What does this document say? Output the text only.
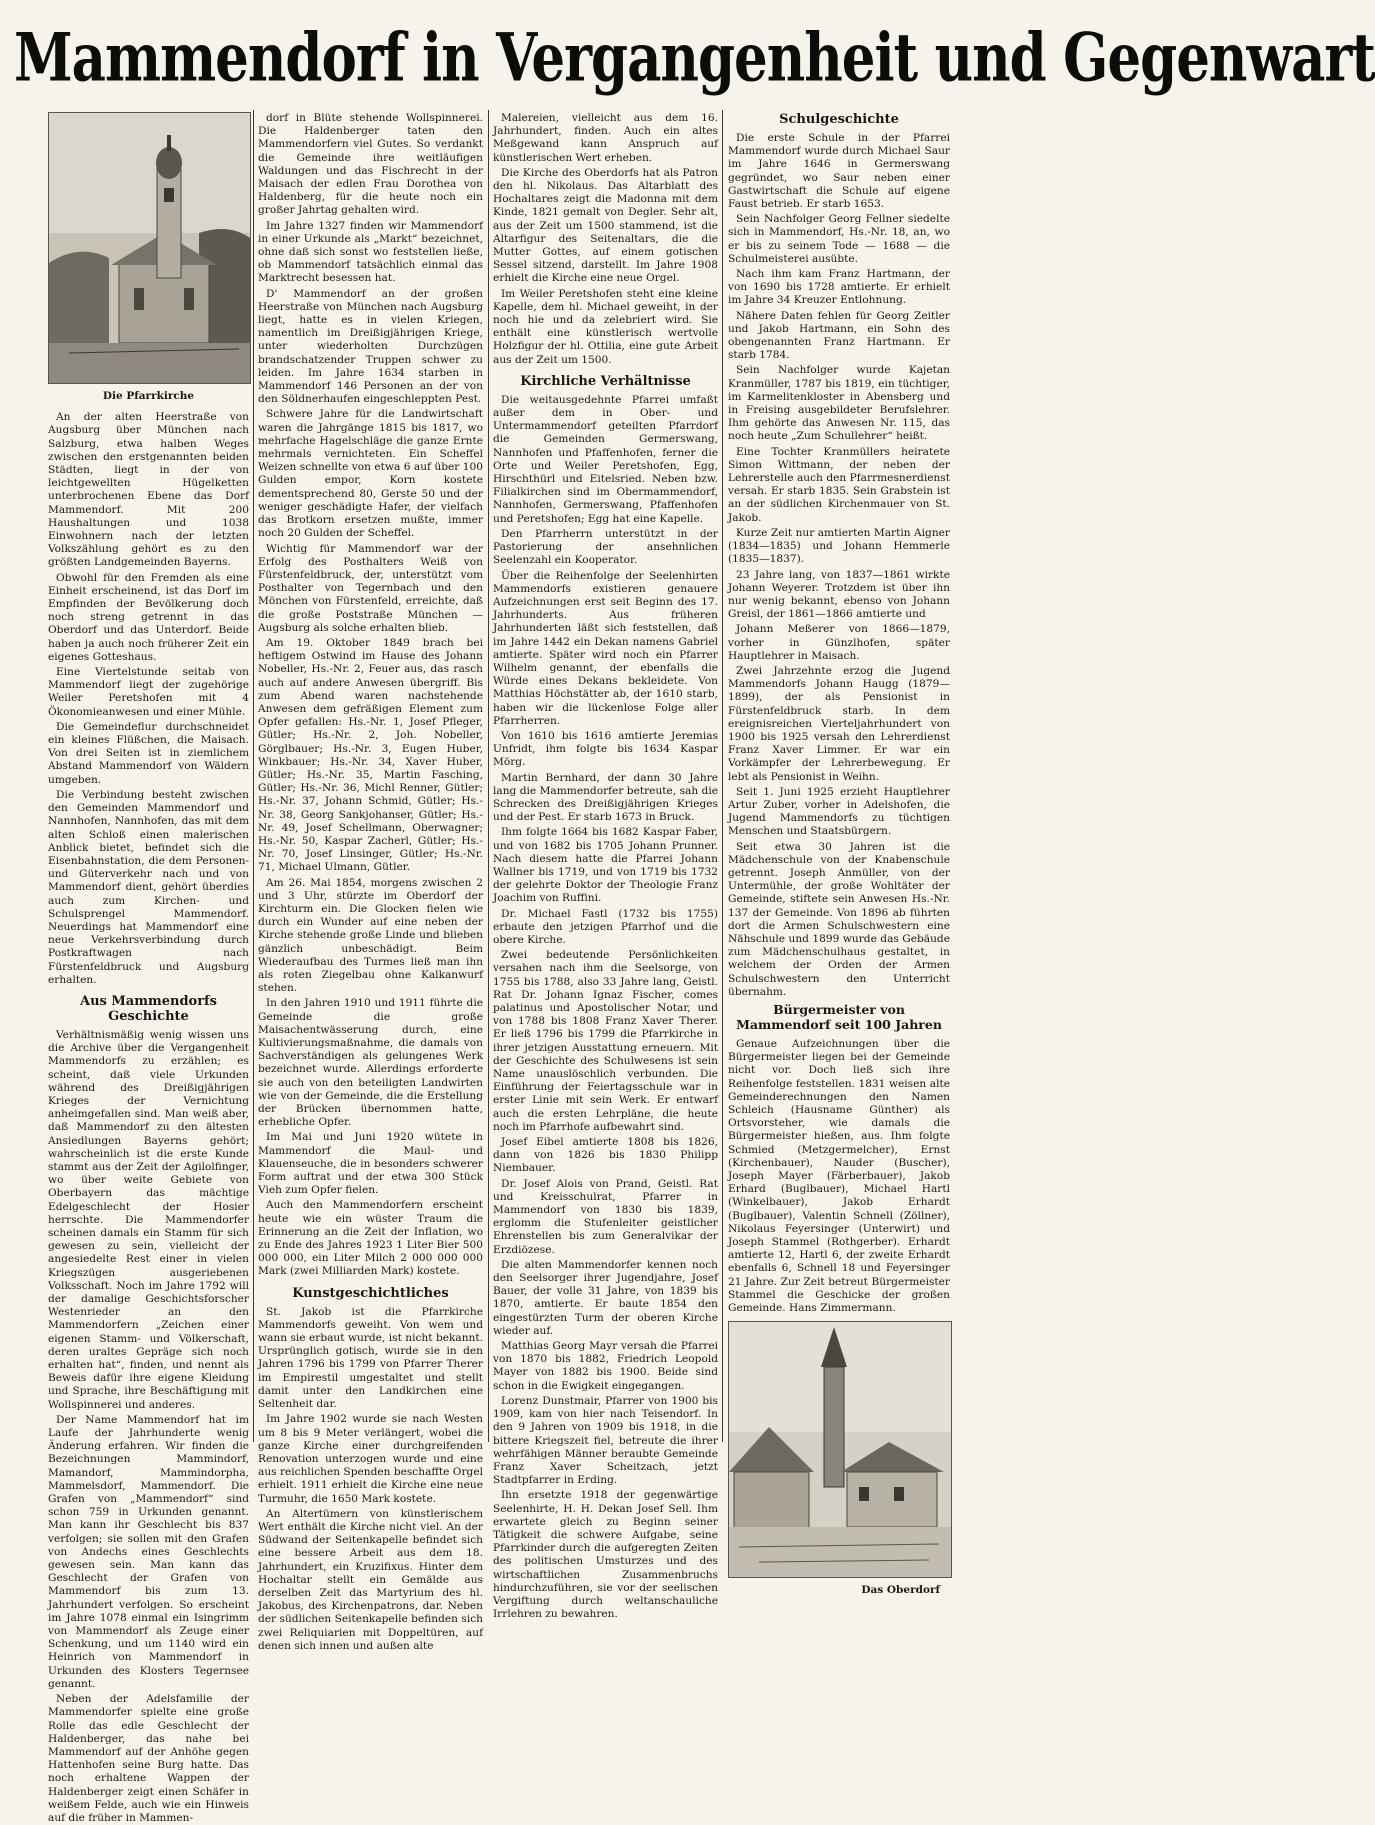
Mammendorf in Vergangenheit und Gegenwart
Die Pfarrkirche

An der alten Heerstraße von Augsburg über München nach Salzburg, etwa halben Weges zwischen den erstgenannten beiden Städten, liegt in der von leichtgewellten Hügelketten unterbrochenen Ebene das Dorf Mammendorf. Mit 200 Haushaltungen und 1038 Einwohnern nach der letzten Volkszählung gehört es zu den größten Landgemeinden Bayerns.

Obwohl für den Fremden als eine Einheit erscheinend, ist das Dorf im Empfinden der Bevölkerung doch noch streng getrennt in das Oberdorf und das Unterdorf. Beide haben ja auch noch früherer Zeit ein eigenes Gotteshaus.

Eine Viertelstunde seitab von Mammendorf liegt der zugehörige Weiler Peretshofen mit 4 Ökonomieanwesen und einer Mühle.

Die Gemeindeflur durchschneidet ein kleines Flüßchen, die Maisach. Von drei Seiten ist in ziemlichem Abstand Mammendorf von Wäldern umgeben.

Die Verbindung besteht zwischen den Gemeinden Mammendorf und Nannhofen, Nannhofen, das mit dem alten Schloß einen malerischen Anblick bietet, befindet sich die Eisenbahnstation, die dem Personen- und Güterverkehr nach und von Mammendorf dient, gehört überdies auch zum Kirchen- und Schulsprengel Mammendorf. Neuerdings hat Mammendorf eine neue Verkehrsverbindung durch Postkraftwagen nach Fürstenfeldbruck und Augsburg erhalten.

Aus Mammendorfs Geschichte

Verhältnismäßig wenig wissen uns die Archive über die Vergangenheit Mammendorfs zu erzählen; es scheint, daß viele Urkunden während des Dreißigjährigen Krieges der Vernichtung anheimgefallen sind. Man weiß aber, daß Mammendorf zu den ältesten Ansiedlungen Bayerns gehört; wahrscheinlich ist die erste Kunde stammt aus der Zeit der Agilolfinger, wo über weite Gebiete von Oberbayern das mächtige Edelgeschlecht der Hosier herrschte. Die Mammendorfer scheinen damals ein Stamm für sich gewesen zu sein, vielleicht der angesiedelte Rest einer in vielen Kriegszügen ausgeriebenen Volksschaft. Noch im Jahre 1792 will der damalige Geschichtsforscher Westenrieder an den Mammendorfern „Zeichen einer eigenen Stamm- und Völkerschaft, deren uraltes Gepräge sich noch erhalten hat“, finden, und nennt als Beweis dafür ihre eigene Kleidung und Sprache, ihre Beschäftigung mit Wollspinnerei und anderes.

Der Name Mammendorf hat im Laufe der Jahrhunderte wenig Änderung erfahren. Wir finden die Bezeichnungen Mammindorf, Mamandorf, Mammindorpha, Mammelsdorf, Mammendorf. Die Grafen von „Mammendorf“ sind schon 759 in Urkunden genannt. Man kann ihr Geschlecht bis 837 verfolgen; sie sollen mit den Grafen von Andechs eines Geschlechts gewesen sein. Man kann das Geschlecht der Grafen von Mammendorf bis zum 13. Jahrhundert verfolgen. So erscheint im Jahre 1078 einmal ein Isingrimm von Mammendorf als Zeuge einer Schenkung, und um 1140 wird ein Heinrich von Mammendorf in Urkunden des Klosters Tegernsee genannt.

Neben der Adelsfamilie der Mammendorfer spielte eine große Rolle das edle Geschlecht der Haldenberger, das nahe bei Mammendorf auf der Anhöhe gegen Hattenhofen seine Burg hatte. Das noch erhaltene Wappen der Haldenberger zeigt einen Schäfer in weißem Felde, auch wie ein Hinweis auf die früher in Mammen-

dorf in Blüte stehende Wollspinnerei. Die Haldenberger taten den Mammendorfern viel Gutes. So verdankt die Gemeinde ihre weitläufigen Waldungen und das Fischrecht in der Maisach der edlen Frau Dorothea von Haldenberg, für die heute noch ein großer Jahrtag gehalten wird.

Im Jahre 1327 finden wir Mammendorf in einer Urkunde als „Markt“ bezeichnet, ohne daß sich sonst wo feststellen ließe, ob Mammendorf tatsächlich einmal das Marktrecht besessen hat.

D' Mammendorf an der großen Heerstraße von München nach Augsburg liegt, hatte es in vielen Kriegen, namentlich im Dreißigjährigen Kriege, unter wiederholten Durchzügen brandschatzender Truppen schwer zu leiden. Im Jahre 1634 starben in Mammendorf 146 Personen an der von den Söldnerhaufen eingeschleppten Pest.

Schwere Jahre für die Landwirtschaft waren die Jahrgänge 1815 bis 1817, wo mehrfache Hagelschläge die ganze Ernte mehrmals vernichteten. Ein Scheffel Weizen schnellte von etwa 6 auf über 100 Gulden empor, Korn kostete dementsprechend 80, Gerste 50 und der weniger geschädigte Hafer, der vielfach das Brotkorn ersetzen mußte, immer noch 20 Gulden der Scheffel.

Wichtig für Mammendorf war der Erfolg des Posthalters Weiß von Fürstenfeldbruck, der, unterstützt vom Posthalter von Tegernbach und den Mönchen von Fürstenfeld, erreichte, daß die große Poststraße München — Augsburg als solche erhalten blieb.

Am 19. Oktober 1849 brach bei heftigem Ostwind im Hause des Johann Nobeller, Hs.-Nr. 2, Feuer aus, das rasch auch auf andere Anwesen übergriff. Bis zum Abend waren nachstehende Anwesen dem gefräßigen Element zum Opfer gefallen: Hs.-Nr. 1, Josef Pfleger, Gütler; Hs.-Nr. 2, Joh. Nobeller, Görglbauer; Hs.-Nr. 3, Eugen Huber, Winkbauer; Hs.-Nr. 34, Xaver Huber, Gütler; Hs.-Nr. 35, Martin Fasching, Gütler; Hs.-Nr. 36, Michl Renner, Gütler; Hs.-Nr. 37, Johann Schmid, Gütler; Hs.-Nr. 38, Georg Sankjohanser, Gütler; Hs.-Nr. 49, Josef Schellmann, Oberwagner; Hs.-Nr. 50, Kaspar Zacherl, Gütler; Hs.-Nr. 70, Josef Linsinger, Gütler; Hs.-Nr. 71, Michael Ulmann, Gütler.

Am 26. Mai 1854, morgens zwischen 2 und 3 Uhr, stürzte im Oberdorf der Kirchturm ein. Die Glocken fielen wie durch ein Wunder auf eine neben der Kirche stehende große Linde und blieben gänzlich unbeschädigt. Beim Wiederaufbau des Turmes ließ man ihn als roten Ziegelbau ohne Kalkanwurf stehen.

In den Jahren 1910 und 1911 führte die Gemeinde die große Maisachentwässerung durch, eine Kultivierungsmaßnahme, die damals von Sachverständigen als gelungenes Werk bezeichnet wurde. Allerdings erforderte sie auch von den beteiligten Landwirten wie von der Gemeinde, die die Erstellung der Brücken übernommen hatte, erhebliche Opfer.

Im Mai und Juni 1920 wütete in Mammendorf die Maul- und Klauenseuche, die in besonders schwerer Form auftrat und der etwa 300 Stück Vieh zum Opfer fielen.

Auch den Mammendorfern erscheint heute wie ein wüster Traum die Erinnerung an die Zeit der Inflation, wo zu Ende des Jahres 1923 1 Liter Bier 500 000 000, ein Liter Milch 2 000 000 000 Mark (zwei Milliarden Mark) kostete.

Kunstgeschichtliches

St. Jakob ist die Pfarrkirche Mammendorfs geweiht. Von wem und wann sie erbaut wurde, ist nicht bekannt. Ursprünglich gotisch, wurde sie in den Jahren 1796 bis 1799 von Pfarrer Therer im Empirestil umgestaltet und stellt damit unter den Landkirchen eine Seltenheit dar.

Im Jahre 1902 wurde sie nach Westen um 8 bis 9 Meter verlängert, wobei die ganze Kirche einer durchgreifenden Renovation unterzogen wurde und eine aus reichlichen Spenden beschaffte Orgel erhielt. 1911 erhielt die Kirche eine neue Turmuhr, die 1650 Mark kostete.

An Altertümern von künstlerischem Wert enthält die Kirche nicht viel. An der Südwand der Seitenkapelle befindet sich eine bessere Arbeit aus dem 18. Jahrhundert, ein Kruzifixus. Hinter dem Hochaltar stellt ein Gemälde aus derselben Zeit das Martyrium des hl. Jakobus, des Kirchenpatrons, dar. Neben der südlichen Seitenkapelle befinden sich zwei Reliquiarien mit Doppeltüren, auf denen sich innen und außen alte

Malereien, vielleicht aus dem 16. Jahrhundert, finden. Auch ein altes Meßgewand kann Anspruch auf künstlerischen Wert erheben.

Die Kirche des Oberdorfs hat als Patron den hl. Nikolaus. Das Altarblatt des Hochaltares zeigt die Madonna mit dem Kinde, 1821 gemalt von Degler. Sehr alt, aus der Zeit um 1500 stammend, ist die Altarfigur des Seitenaltars, die die Mutter Gottes, auf einem gotischen Sessel sitzend, darstellt. Im Jahre 1908 erhielt die Kirche eine neue Orgel.

Im Weiler Peretshofen steht eine kleine Kapelle, dem hl. Michael geweiht, in der noch hie und da zelebriert wird. Sie enthält eine künstlerisch wertvolle Holzfigur der hl. Ottilia, eine gute Arbeit aus der Zeit um 1500.

Kirchliche Verhältnisse

Die weitausgedehnte Pfarrei umfaßt außer dem in Ober- und Untermammendorf geteilten Pfarrdorf die Gemeinden Germerswang, Nannhofen und Pfaffenhofen, ferner die Orte und Weiler Peretshofen, Egg, Hirschthürl und Eitelsried. Neben bzw. Filialkirchen sind im Obermammendorf, Nannhofen, Germerswang, Pfaffenhofen und Peretshofen; Egg hat eine Kapelle.

Den Pfarrherrn unterstützt in der Pastorierung der ansehnlichen Seelenzahl ein Kooperator.

Über die Reihenfolge der Seelenhirten Mammendorfs existieren genauere Aufzeichnungen erst seit Beginn des 17. Jahrhunderts. Aus früheren Jahrhunderten läßt sich feststellen, daß im Jahre 1442 ein Dekan namens Gabriel amtierte. Später wird noch ein Pfarrer Wilhelm genannt, der ebenfalls die Würde eines Dekans bekleidete. Von Matthias Höchstätter ab, der 1610 starb, haben wir die lückenlose Folge aller Pfarrherren.

Von 1610 bis 1616 amtierte Jeremias Unfridt, ihm folgte bis 1634 Kaspar Mörg.

Martin Bernhard, der dann 30 Jahre lang die Mammendorfer betreute, sah die Schrecken des Dreißigjährigen Krieges und der Pest. Er starb 1673 in Bruck.

Ihm folgte 1664 bis 1682 Kaspar Faber, und von 1682 bis 1705 Johann Prunner. Nach diesem hatte die Pfarrei Johann Wallner bis 1719, und von 1719 bis 1732 der gelehrte Doktor der Theologie Franz Joachim von Ruffini.

Dr. Michael Fastl (1732 bis 1755) erbaute den jetzigen Pfarrhof und die obere Kirche.

Zwei bedeutende Persönlichkeiten versahen nach ihm die Seelsorge, von 1755 bis 1788, also 33 Jahre lang, Geistl. Rat Dr. Johann Ignaz Fischer, comes palatinus und Apostolischer Notar, und von 1788 bis 1808 Franz Xaver Therer. Er ließ 1796 bis 1799 die Pfarrkirche in ihrer jetzigen Ausstattung erneuern. Mit der Geschichte des Schulwesens ist sein Name unauslöschlich verbunden. Die Einführung der Feiertagsschule war in erster Linie mit sein Werk. Er entwarf auch die ersten Lehrpläne, die heute noch im Pfarrhofe aufbewahrt sind.

Josef Eibel amtierte 1808 bis 1826, dann von 1826 bis 1830 Philipp Niembauer.

Dr. Josef Alois von Prand, Geistl. Rat und Kreisschulrat, Pfarrer in Mammendorf von 1830 bis 1839, erglomm die Stufenleiter geistlicher Ehrenstellen bis zum Generalvikar der Erzdiözese.

Die alten Mammendorfer kennen noch den Seelsorger ihrer Jugendjahre, Josef Bauer, der volle 31 Jahre, von 1839 bis 1870, amtierte. Er baute 1854 den eingestürzten Turm der oberen Kirche wieder auf.

Matthias Georg Mayr versah die Pfarrei von 1870 bis 1882, Friedrich Leopold Mayer von 1882 bis 1900. Beide sind schon in die Ewigkeit eingegangen.

Lorenz Dunstmair, Pfarrer von 1900 bis 1909, kam von hier nach Teisendorf. In den 9 Jahren von 1909 bis 1918, in die bittere Kriegszeit fiel, betreute die ihrer wehrfähigen Männer beraubte Gemeinde Franz Xaver Scheitzach, jetzt Stadtpfarrer in Erding.

Ihn ersetzte 1918 der gegenwärtige Seelenhirte, H. H. Dekan Josef Sell. Ihm erwartete gleich zu Beginn seiner Tätigkeit die schwere Aufgabe, seine Pfarrkinder durch die aufgeregten Zeiten des politischen Umsturzes und des wirtschaftlichen Zusammenbruchs hindurchzuführen, sie vor der seelischen Vergiftung durch weltanschauliche Irrlehren zu bewahren.

Schulgeschichte

Die erste Schule in der Pfarrei Mammendorf wurde durch Michael Saur im Jahre 1646 in Germerswang gegründet, wo Saur neben einer Gastwirtschaft die Schule auf eigene Faust betrieb. Er starb 1653.

Sein Nachfolger Georg Fellner siedelte sich in Mammendorf, Hs.-Nr. 18, an, wo er bis zu seinem Tode — 1688 — die Schulmeisterei ausübte.

Nach ihm kam Franz Hartmann, der von 1690 bis 1728 amtierte. Er erhielt im Jahre 34 Kreuzer Entlohnung.

Nähere Daten fehlen für Georg Zeitler und Jakob Hartmann, ein Sohn des obengenannten Franz Hartmann. Er starb 1784.

Sein Nachfolger wurde Kajetan Kranmüller, 1787 bis 1819, ein tüchtiger, im Karmelitenkloster in Abensberg und in Freising ausgebildeter Berufslehrer. Ihm gehörte das Anwesen Nr. 115, das noch heute „Zum Schullehrer“ heißt.

Eine Tochter Kranmüllers heiratete Simon Wittmann, der neben der Lehrerstelle auch den Pfarrmesnerdienst versah. Er starb 1835. Sein Grabstein ist an der südlichen Kirchenmauer von St. Jakob.

Kurze Zeit nur amtierten Martin Aigner (1834—1835) und Johann Hemmerle (1835—1837).

23 Jahre lang, von 1837—1861 wirkte Johann Weyerer. Trotzdem ist über ihn nur wenig bekannt, ebenso von Johann Greisl, der 1861—1866 amtierte und

Johann Meßerer von 1866—1879, vorher in Günzlhofen, später Hauptlehrer in Maisach.

Zwei Jahrzehnte erzog die Jugend Mammendorfs Johann Haugg (1879—1899), der als Pensionist in Fürstenfeldbruck starb. In dem ereignisreichen Vierteljahrhundert von 1900 bis 1925 versah den Lehrerdienst Franz Xaver Limmer. Er war ein Vorkämpfer der Lehrerbewegung. Er lebt als Pensionist in Weihn.

Seit 1. Juni 1925 erzieht Hauptlehrer Artur Zuber, vorher in Adelshofen, die Jugend Mammendorfs zu tüchtigen Menschen und Staatsbürgern.

Seit etwa 30 Jahren ist die Mädchenschule von der Knabenschule getrennt. Joseph Anmüller, von der Untermühle, der große Wohltäter der Gemeinde, stiftete sein Anwesen Hs.-Nr. 137 der Gemeinde. Von 1896 ab führten dort die Armen Schulschwestern eine Nähschule und 1899 wurde das Gebäude zum Mädchenschulhaus gestaltet, in welchem der Orden der Armen Schulschwestern den Unterricht übernahm.

Bürgermeister von Mammendorf seit 100 Jahren

Genaue Aufzeichnungen über die Bürgermeister liegen bei der Gemeinde nicht vor. Doch ließ sich ihre Reihenfolge feststellen. 1831 weisen alte Gemeinderechnungen den Namen Schleich (Hausname Günther) als Ortsvorsteher, wie damals die Bürgermeister hießen, aus. Ihm folgte Schmied (Metzgermelcher), Ernst (Kirchenbauer), Nauder (Buscher), Joseph Mayer (Färberbauer), Jakob Erhard (Buglbauer), Michael Hartl (Winkelbauer), Jakob Erhardt (Buglbauer), Valentin Schnell (Zöllner), Nikolaus Feyersinger (Unterwirt) und Joseph Stammel (Rothgerber). Erhardt amtierte 12, Hartl 6, der zweite Erhardt ebenfalls 6, Schnell 18 und Feyersinger 21 Jahre. Zur Zeit betreut Bürgermeister Stammel die Geschicke der großen Gemeinde. Hans Zimmermann.

Das Oberdorf
